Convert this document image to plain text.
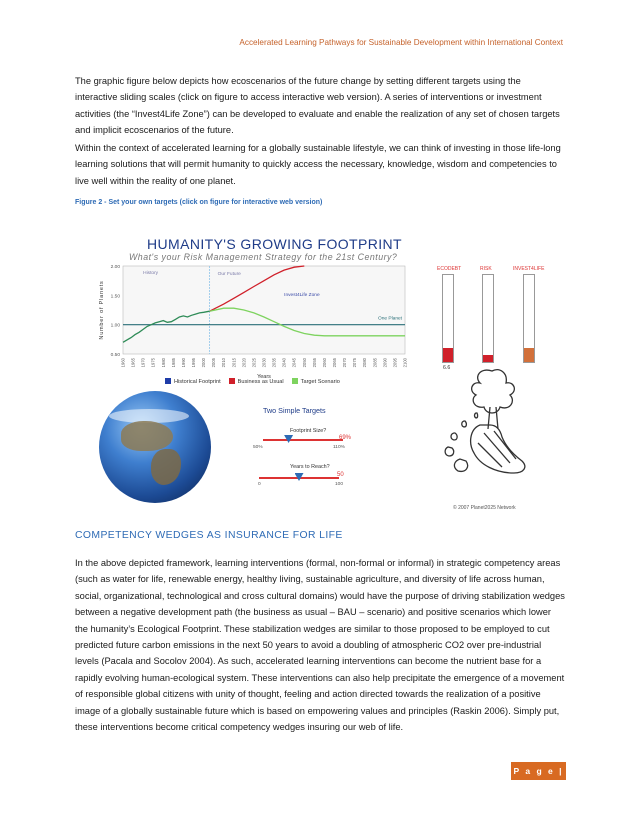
Accelerated Learning Pathways for Sustainable Development within International Context

The graphic figure below depicts how ecoscenarios of the future change by setting different targets using the interactive sliding scales (click on figure to access interactive web version). A series of interventions or investment activities (the “Invest4Life Zone”) can be developed to evaluate and enable the realization of any set of chosen targets and implicit ecoscenarios of the future.

Within the context of accelerated learning for a globally sustainable lifestyle, we can think of investing in those life-long learning solutions that will permit humanity to quickly access the necessary, knowledge, wisdom and competencies to live well within the reality of one planet.

Figure 2 - Set your own targets (click on figure for interactive web version)
HUMANITY'S GROWING FOOTPRINT
What's your Risk Management Strategy for the 21st Century?
0.50
1.00
1.50
2.00
1960 1965 1970 1975 1980 1985 1990 1995 2000 2005 2010 2015 2020 2025 2030 2035 2040 2045 2050 2055 2060 2065 2070 2075 2080 2085 2090 2095 2100
Years
Number of Planets
History	Our Future
Invest4Life Zone
One Planet
Historical Footprint	Business as Usual	Target Scenario
Two Simple Targets
Footprint Size?
69%
50%	110%
Years to Reach?
50
0	100
ECODEBT	RISK	INVEST4LIFE
6.6
© 2007 Planet2025 Network
COMPETENCY WEDGES AS INSURANCE FOR LIFE

In the above depicted framework, learning interventions (formal, non-formal or informal) in strategic competency areas (such as water for life, renewable energy, healthy living, sustainable agriculture, and diversity of life across human, social, organizational, technological and cross cultural domains) would have the purpose of driving stabilization wedges between a negative development path (the business as usual – BAU – scenario) and positive scenarios which lower the humanity’s Ecological Footprint. These stabilization wedges are similar to those proposed to be employed to cut predicted future carbon emissions in the next 50 years to avoid a doubling of atmospheric CO2 over pre-industrial levels (Pacala and Socolov 2004). As such, accelerated learning interventions can become the nutrient base for a rapidly evolving human-ecological system. These interventions can also help precipitate the emergence of a movement of responsible global citizens with unity of thought, feeling and action directed towards the realization of a positive image of a globally sustainable future which is based on empowering values and principles (Raskin 2006). Simply put, these interventions become critical competency wedges insuring our web of life.

P a g e | 5
